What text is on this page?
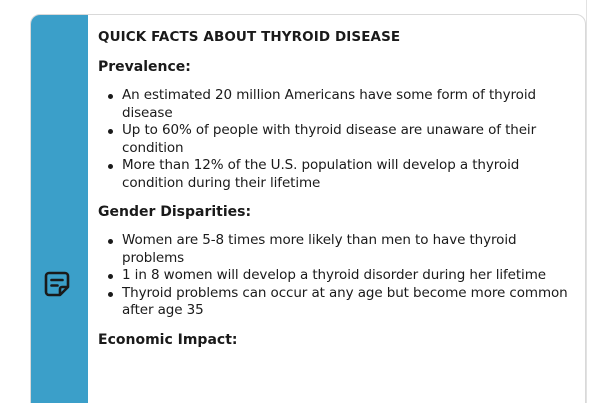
QUICK FACTS ABOUT THYROID DISEASE
Prevalence:
An estimated 20 million Americans have some form of thyroid disease
Up to 60% of people with thyroid disease are unaware of their condition
More than 12% of the U.S. population will develop a thyroid condition during their lifetime
Gender Disparities:
Women are 5-8 times more likely than men to have thyroid problems
1 in 8 women will develop a thyroid disorder during her lifetime
Thyroid problems can occur at any age but become more common after age 35
Economic Impact:
